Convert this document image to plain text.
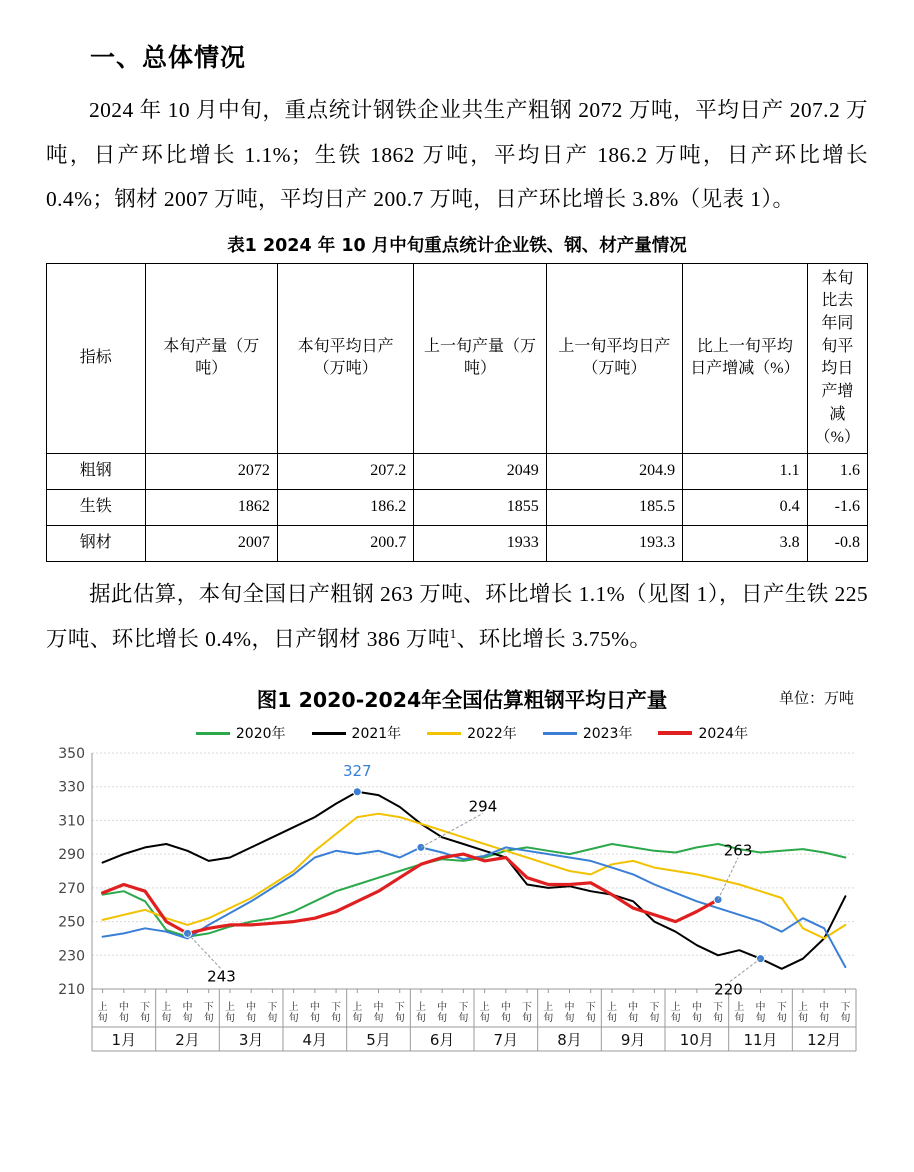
一、总体情况

2024 年 10 月中旬，重点统计钢铁企业共生产粗钢 2072 万吨，平均日产 207.2 万吨，日产环比增长 1.1%；生铁 1862 万吨，平均日产 186.2 万吨，日产环比增长 0.4%；钢材 2007 万吨，平均日产 200.7 万吨，日产环比增长 3.8%（见表 1）。

表1 2024 年 10 月中旬重点统计企业铁、钢、材产量情况
指标	本旬产量（万吨）	本旬平均日产（万吨）	上一旬产量（万吨）	上一旬平均日产（万吨）	比上一旬平均日产增减（%）	本旬比去年同旬平均日产增减（%）
粗钢	2072	207.2	2049	204.9	1.1	1.6
生铁	1862	186.2	1855	185.5	0.4	-1.6
钢材	2007	200.7	1933	193.3	3.8	-0.8

据此估算，本旬全国日产粗钢 263 万吨、环比增长 1.1%（见图 1），日产生铁 225 万吨、环比增长 0.4%，日产钢材 386 万吨$^1$、环比增长 3.75%。

图1 2020-2024年全国估算粗钢平均日产量	单位：万吨
2020年	2021年	2022年	2023年	2024年
210
230
250
270
290
310
330
350
上旬
中旬
下旬
上旬
中旬
下旬
上旬
中旬
下旬
上旬
中旬
下旬
上旬
中旬
下旬
上旬
中旬
下旬
上旬
中旬
下旬
上旬
中旬
下旬
上旬
中旬
下旬
上旬
中旬
下旬
上旬
中旬
下旬
上旬
中旬
下旬
1月	2月	3月	4月	5月	6月	7月	8月	9月 10月 11月 12月
327
294
243
263
220
